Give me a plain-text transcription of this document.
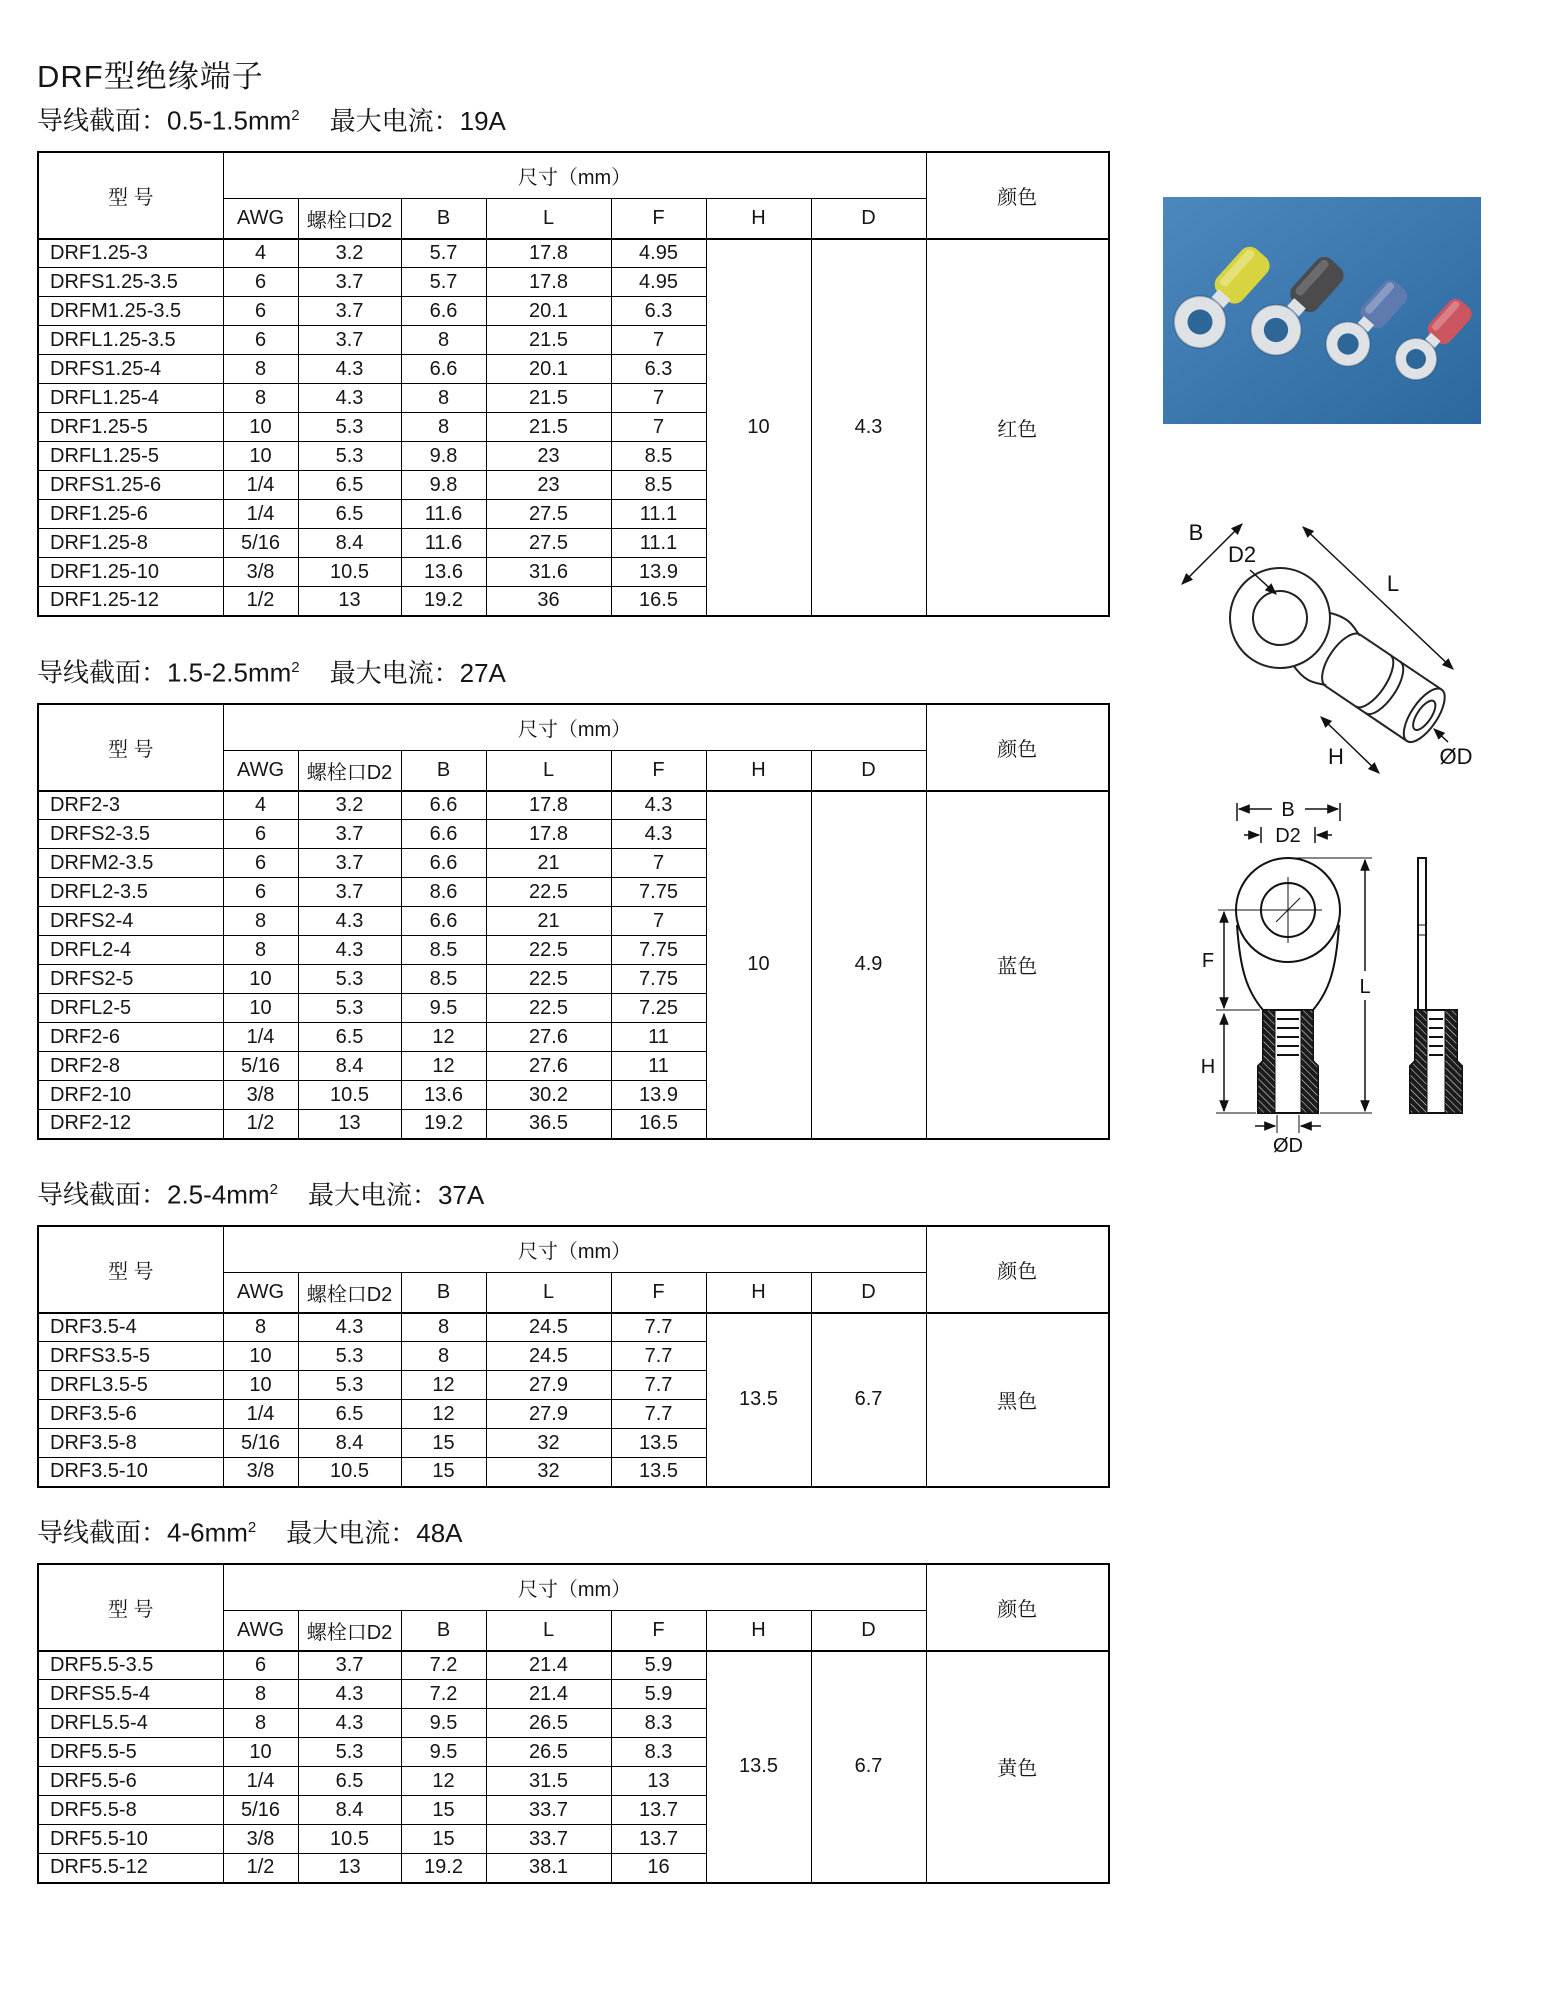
DRF型绝缘端子
导线截面：$0.5-1.5mm^2$ 最大电流：19A
型 号	尺寸（mm）							颜色
	AWG	螺栓口D2	B	L	F	H	D	
DRF1.25-3	4	3.2	5.7	17.8	4.95	10	4.3	红色
DRFS1.25-3.5	6	3.7	5.7	17.8	4.95			
DRFM1.25-3.5	6	3.7	6.6	20.1	6.3			
DRFL1.25-3.5	6	3.7	8	21.5	7			
DRFS1.25-4	8	4.3	6.6	20.1	6.3			
DRFL1.25-4	8	4.3	8	21.5	7			
DRF1.25-5	10	5.3	8	21.5	7			
DRFL1.25-5	10	5.3	9.8	23	8.5			
DRFS1.25-6	1/4	6.5	9.8	23	8.5			
DRF1.25-6	1/4	6.5	11.6	27.5	11.1			
DRF1.25-8	5/16	8.4	11.6	27.5	11.1			
DRF1.25-10	3/8	10.5	13.6	31.6	13.9			
DRF1.25-12	1/2	13	19.2	36	16.5			
导线截面：$1.5-2.5mm^2$ 最大电流：27A
型 号	尺寸（mm）							颜色
	AWG	螺栓口D2	B	L	F	H	D	
DRF2-3	4	3.2	6.6	17.8	4.3	10	4.9	蓝色
DRFS2-3.5	6	3.7	6.6	17.8	4.3			
DRFM2-3.5	6	3.7	6.6	21	7			
DRFL2-3.5	6	3.7	8.6	22.5	7.75			
DRFS2-4	8	4.3	6.6	21	7			
DRFL2-4	8	4.3	8.5	22.5	7.75			
DRFS2-5	10	5.3	8.5	22.5	7.75			
DRFL2-5	10	5.3	9.5	22.5	7.25			
DRF2-6	1/4	6.5	12	27.6	11			
DRF2-8	5/16	8.4	12	27.6	11			
DRF2-10	3/8	10.5	13.6	30.2	13.9			
DRF2-12	1/2	13	19.2	36.5	16.5			
导线截面：$2.5-4mm^2$ 最大电流：37A
型 号	尺寸（mm）							颜色
	AWG	螺栓口D2	B	L	F	H	D	
DRF3.5-4	8	4.3	8	24.5	7.7	13.5	6.7	黑色
DRFS3.5-5	10	5.3	8	24.5	7.7			
DRFL3.5-5	10	5.3	12	27.9	7.7			
DRF3.5-6	1/4	6.5	12	27.9	7.7			
DRF3.5-8	5/16	8.4	15	32	13.5			
DRF3.5-10	3/8	10.5	15	32	13.5			
导线截面：$4-6mm^2$ 最大电流：48A
型 号	尺寸（mm）							颜色
	AWG	螺栓口D2	B	L	F	H	D	
DRF5.5-3.5	6	3.7	7.2	21.4	5.9	13.5	6.7	黄色
DRFS5.5-4	8	4.3	7.2	21.4	5.9			
DRFL5.5-4	8	4.3	9.5	26.5	8.3			
DRF5.5-5	10	5.3	9.5	26.5	8.3			
DRF5.5-6	1/4	6.5	12	31.5	13			
DRF5.5-8	5/16	8.4	15	33.7	13.7			
DRF5.5-10	3/8	10.5	15	33.7	13.7			
DRF5.5-12	1/2	13	19.2	38.1	16			
B
D2
L
H	ØD
B
D2
F
H
L
ØD
